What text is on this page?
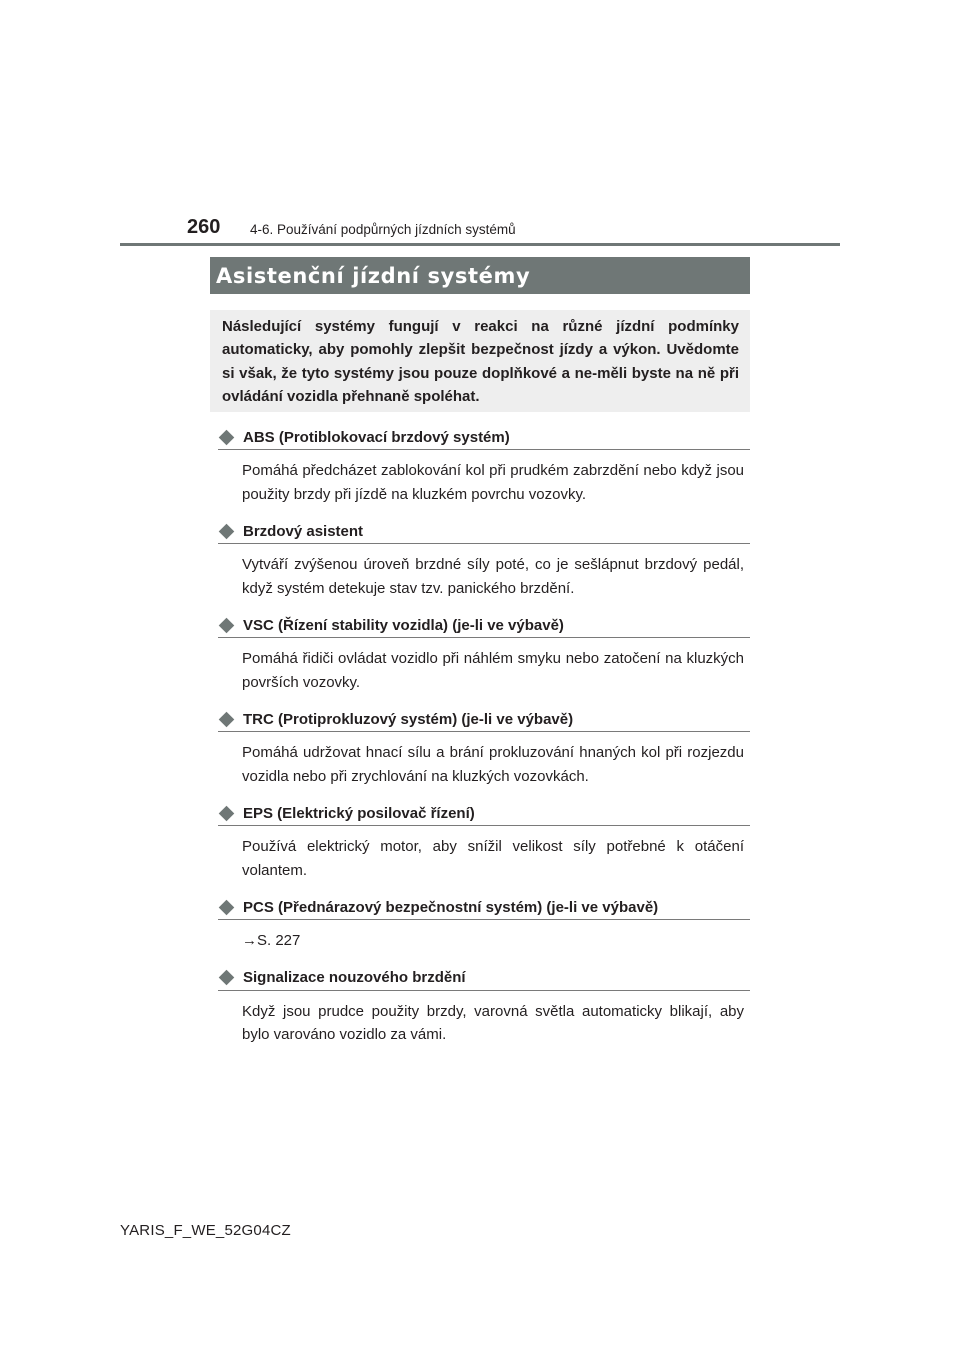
260 4-6. Používání podpůrných jízdních systémů
Asistenční jízdní systémy

Následující systémy fungují v reakci na různé jízdní podmínky automaticky, aby pomohly zlepšit bezpečnost jízdy a výkon. Uvědomte si však, že tyto systémy jsou pouze doplňkové a ne-měli byste na ně při ovládání vozidla přehnaně spoléhat.

ABS (Protiblokovací brzdový systém)
Pomáhá předcházet zablokování kol při prudkém zabrzdění nebo když jsou použity brzdy při jízdě na kluzkém povrchu vozovky.
Brzdový asistent
Vytváří zvýšenou úroveň brzdné síly poté, co je sešlápnut brzdový pedál, když systém detekuje stav tzv. panického brzdění.
VSC (Řízení stability vozidla) (je-li ve výbavě)
Pomáhá řidiči ovládat vozidlo při náhlém smyku nebo zatočení na kluzkých površích vozovky.
TRC (Protiprokluzový systém) (je-li ve výbavě)
Pomáhá udržovat hnací sílu a brání prokluzování hnaných kol při rozjezdu vozidla nebo při zrychlování na kluzkých vozovkách.
EPS (Elektrický posilovač řízení)
Používá elektrický motor, aby snížil velikost síly potřebné k otáčení volantem.
PCS (Přednárazový bezpečnostní systém) (je-li ve výbavě)
→S. 227
Signalizace nouzového brzdění
Když jsou prudce použity brzdy, varovná světla automaticky blikají, aby bylo varováno vozidlo za vámi.
YARIS_F_WE_52G04CZ
